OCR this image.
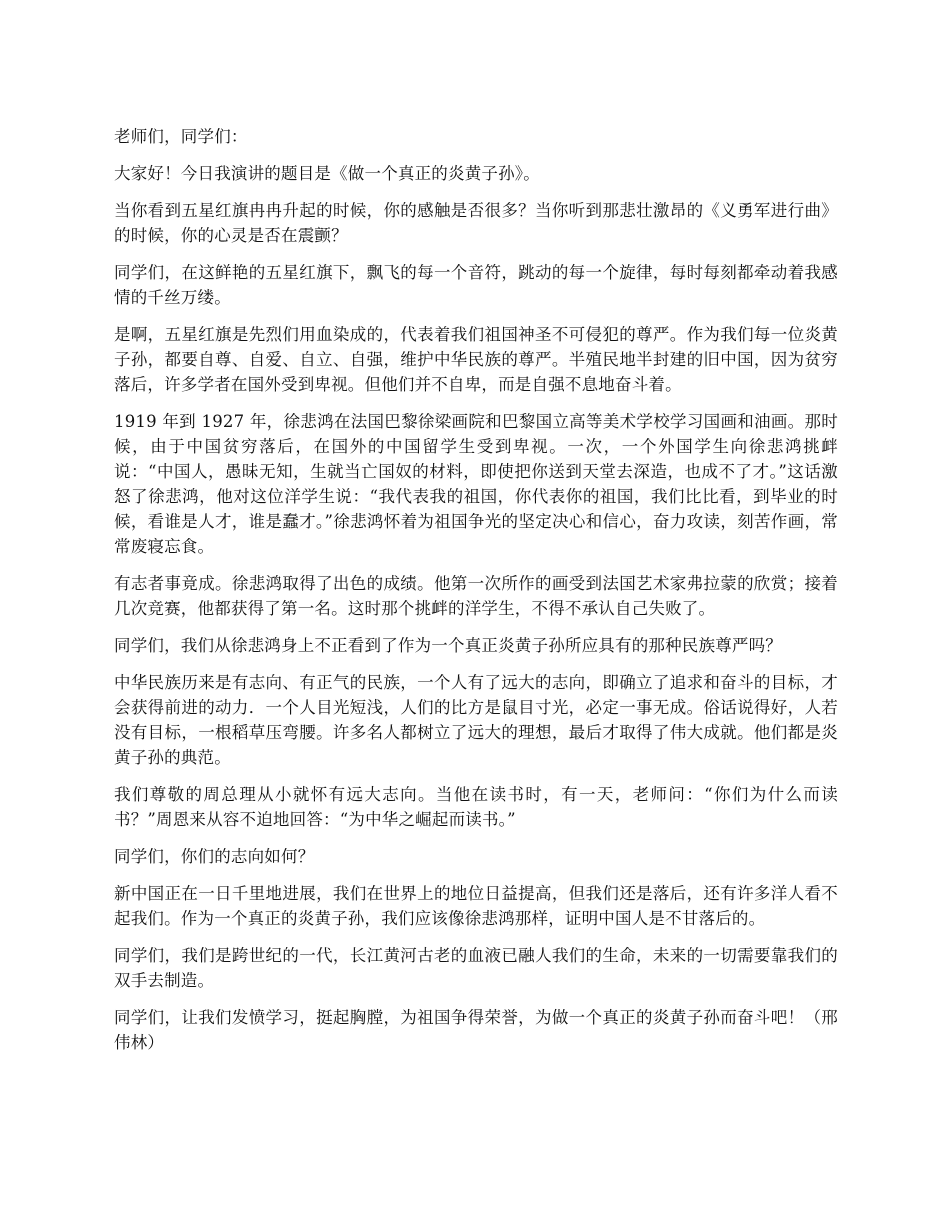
老师们，同学们：

大家好！今日我演讲的题目是《做一个真正的炎黄子孙》。

当你看到五星红旗冉冉升起的时候，你的感触是否很多？当你听到那悲壮激昂的《义勇军进行曲》的时候，你的心灵是否在震颤？

同学们，在这鲜艳的五星红旗下，飘飞的每一个音符，跳动的每一个旋律，每时每刻都牵动着我感情的千丝万缕。

是啊，五星红旗是先烈们用血染成的，代表着我们祖国神圣不可侵犯的尊严。作为我们每一位炎黄子孙，都要自尊、自爱、自立、自强，维护中华民族的尊严。半殖民地半封建的旧中国，因为贫穷落后，许多学者在国外受到卑视。但他们并不自卑，而是自强不息地奋斗着。

1919 年到 1927 年，徐悲鸿在法国巴黎徐梁画院和巴黎国立高等美术学校学习国画和油画。那时候，由于中国贫穷落后，在国外的中国留学生受到卑视。一次，一个外国学生向徐悲鸿挑衅说：“中国人，愚昧无知，生就当亡国奴的材料，即使把你送到天堂去深造，也成不了才。”这话激怒了徐悲鸿，他对这位洋学生说：“我代表我的祖国，你代表你的祖国，我们比比看，到毕业的时候，看谁是人才，谁是蠢才。”徐悲鸿怀着为祖国争光的坚定决心和信心，奋力攻读，刻苦作画，常常废寝忘食。

有志者事竟成。徐悲鸿取得了出色的成绩。他第一次所作的画受到法国艺术家弗拉蒙的欣赏；接着几次竞赛，他都获得了第一名。这时那个挑衅的洋学生，不得不承认自己失败了。

同学们，我们从徐悲鸿身上不正看到了作为一个真正炎黄子孙所应具有的那种民族尊严吗？

中华民族历来是有志向、有正气的民族，一个人有了远大的志向，即确立了追求和奋斗的目标，才会获得前进的动力．一个人目光短浅，人们的比方是鼠目寸光，必定一事无成。俗话说得好，人若没有目标，一根稻草压弯腰。许多名人都树立了远大的理想，最后才取得了伟大成就。他们都是炎黄子孙的典范。

我们尊敬的周总理从小就怀有远大志向。当他在读书时，有一天，老师问：“你们为什么而读书？”周恩来从容不迫地回答：“为中华之崛起而读书。”

同学们，你们的志向如何？

新中国正在一日千里地进展，我们在世界上的地位日益提高，但我们还是落后，还有许多洋人看不起我们。作为一个真正的炎黄子孙，我们应该像徐悲鸿那样，证明中国人是不甘落后的。

同学们，我们是跨世纪的一代，长江黄河古老的血液已融人我们的生命，未来的一切需要靠我们的双手去制造。

同学们，让我们发愤学习，挺起胸膛，为祖国争得荣誉，为做一个真正的炎黄子孙而奋斗吧！（邢伟林）
